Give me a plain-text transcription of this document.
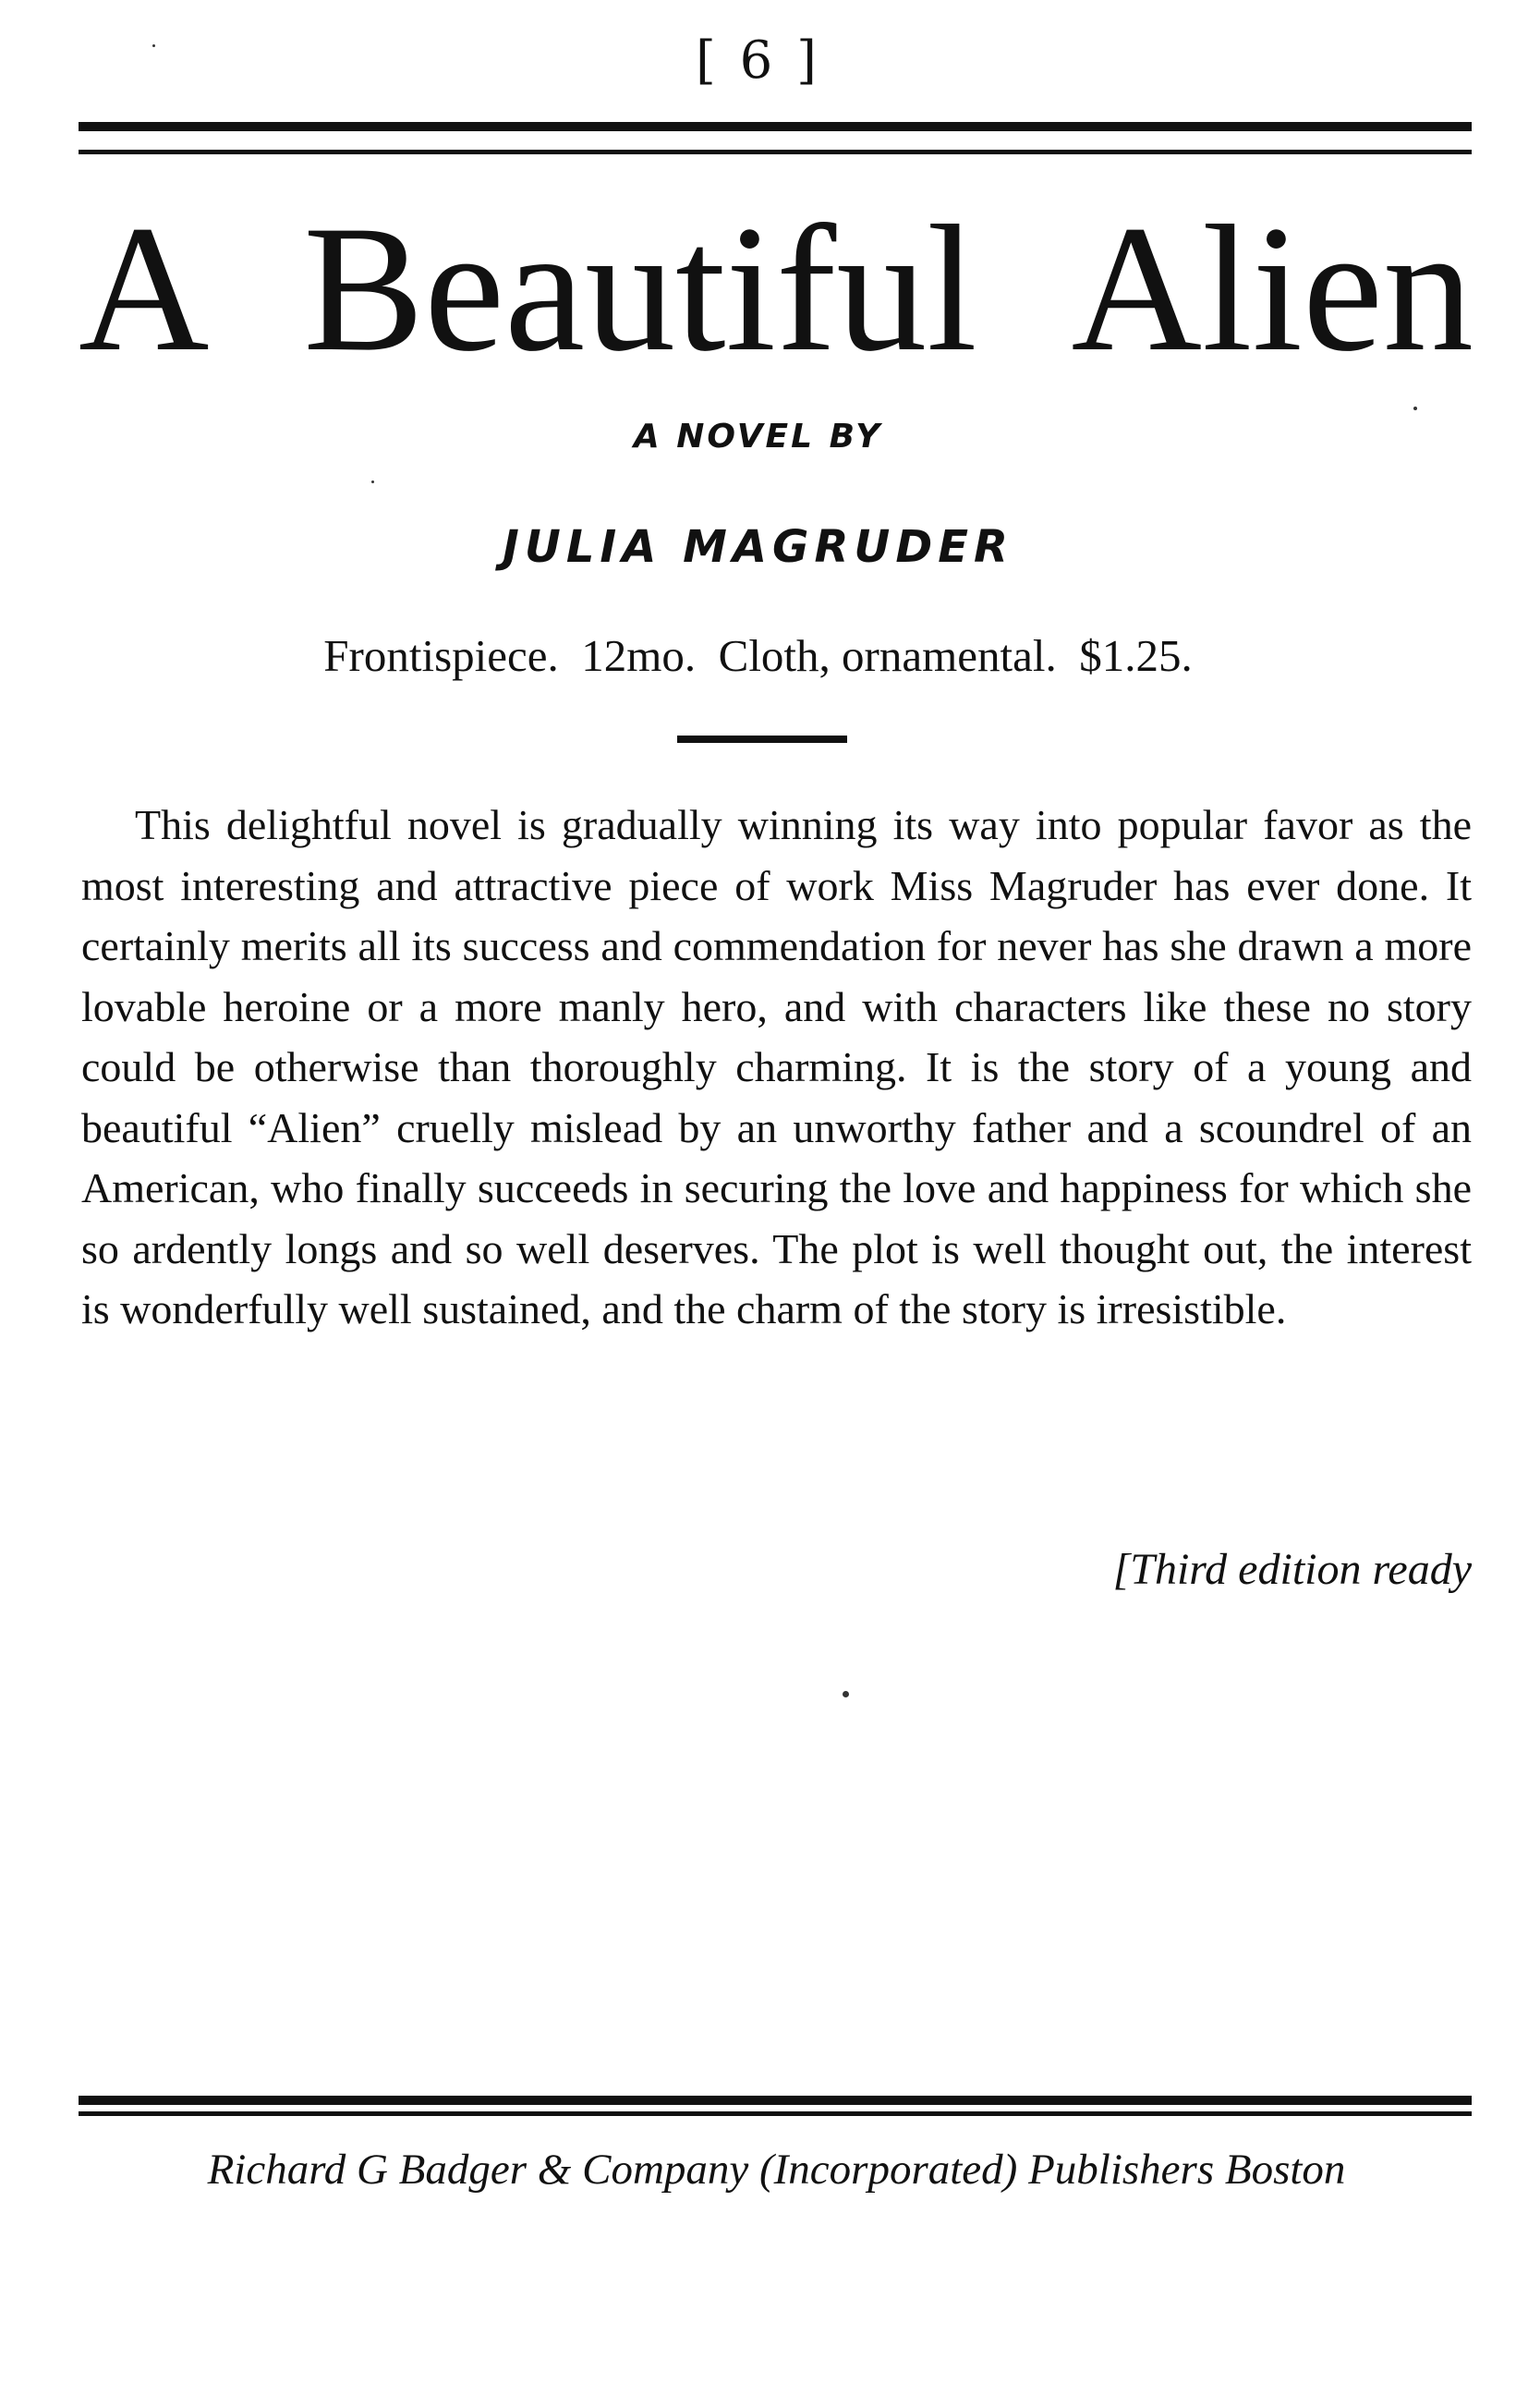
[ 6 ]
A Beautiful Alien
A NOVEL BY
JULIA MAGRUDER
Frontispiece.  12mo.  Cloth, ornamental.  $1.25.

This delightful novel is gradually winning its way into popular favor as the most interesting and attractive piece of work Miss Magruder has ever done. It certainly merits all its success and commendation for never has she drawn a more lovable heroine or a more manly hero, and with characters like these no story could be otherwise than thoroughly charming. It is the story of a young and beautiful “Alien” cruelly mislead by an unworthy father and a scoundrel of an American, who finally succeeds in securing the love and happiness for which she so ardently longs and so well deserves. The plot is well thought out, the interest is wonderfully well sustained, and the charm of the story is irresistible.

[Third edition ready
Richard G Badger & Company (Incorporated) Publishers Boston
